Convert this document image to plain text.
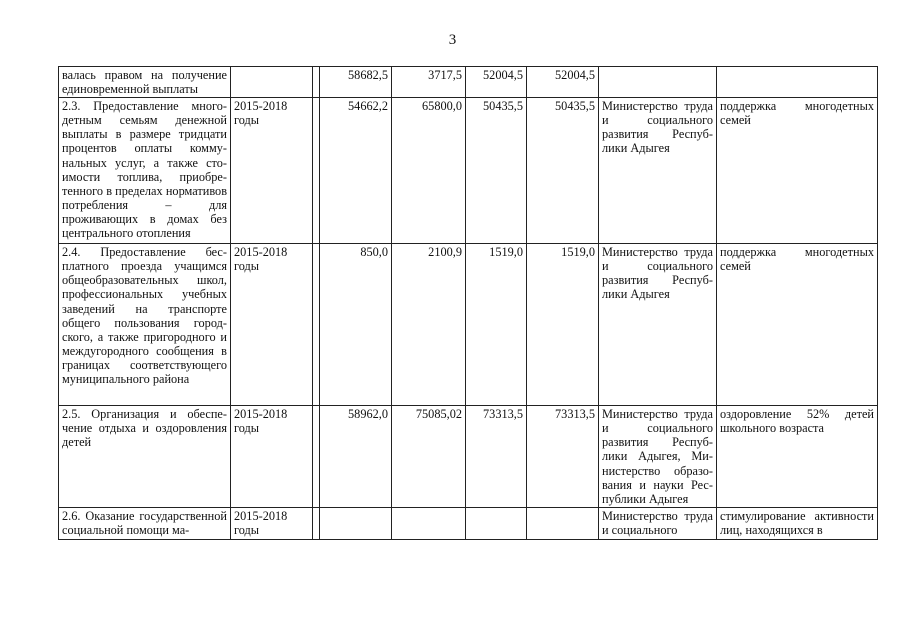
3
валась правом на получение единовременной выплаты			58682,5	3717,5	52004,5	52004,5		
2.3. Предоставление многодетным семьям денежной выплаты в размере тридцати процентов оплаты коммунальных услуг, а также стоимости топлива, приобретенного в пределах нормативов потребления – для проживающих в домах без центрального отопления	2015-2018 годы		54662,2	65800,0	50435,5	50435,5	Министерство труда и социального развития Республики Адыгея	поддержка многодетных семей
2.4. Предоставление бесплатного проезда учащимся общеобразовательных школ, профессиональных учебных заведений на транспорте общего пользования городского, а также пригородного и междугородного сообщения в границах соответствующего муниципального района	2015-2018 годы		850,0	2100,9	1519,0	1519,0	Министерство труда и социального развития Республики Адыгея	поддержка многодетных семей
2.5. Организация и обеспечение отдыха и оздоровления детей	2015-2018 годы		58962,0	75085,02	73313,5	73313,5	Министерство труда и социального развития Республики Адыгея, Министерство образования и науки Республики Адыгея	оздоровление 52% детей школьного возраста
2.6. Оказание государственной социальной помощи ма-	2015-2018 годы						Министерство труда и социального	стимулирование активности лиц, находящихся в
